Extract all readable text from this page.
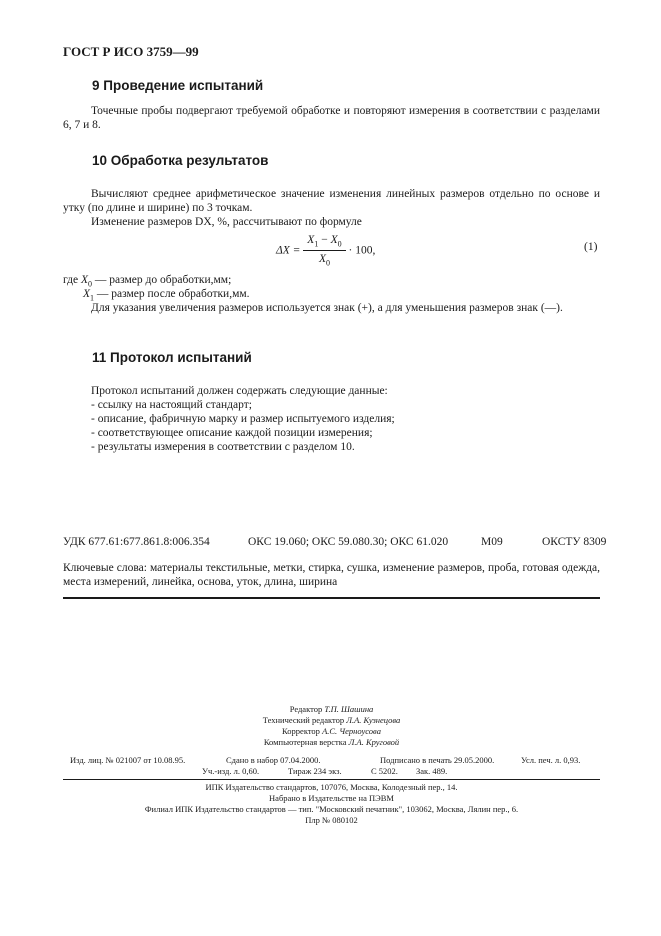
ГОСТ Р ИСО 3759—99
9 Проведение испытаний
Точечные пробы подвергают требуемой обработке и повторяют измерения в соответствии с разделами 6, 7 и 8.
10 Обработка результатов
Вычисляют среднее арифметическое значение изменения линейных размеров отдельно по основе и утку (по длине и ширине) по 3 точкам.
Изменение размеров DX, %, рассчитывают по формуле
$\Delta X = \frac{X_1 - X_0}{X_0} \cdot 100$,	(1)
где $X_0$ — размер до обработки,мм;
$X_1$ — размер после обработки,мм.
Для указания увеличения размеров используется знак (+), а для уменьшения размеров знак (—).
11 Протокол испытаний
Протокол испытаний должен содержать следующие данные:
- ссылку на настоящий стандарт;
- описание, фабричную марку и размер испытуемого изделия;
- соответствующее описание каждой позиции измерения;
- результаты измерения в соответствии с разделом 10.
УДК 677.61:677.861.8:006.354	ОКС 19.060; ОКС 59.080.30; ОКС 61.020	М09	ОКСТУ 8309
Ключевые слова: материалы текстильные, метки, стирка, сушка, изменение размеров, проба, готовая одежда, места измерений, линейка, основа, уток, длина, ширина
Редактор Т.П. Шашина
Технический редактор Л.А. Кузнецова
Корректор А.С. Черноусова
Компьютерная верстка Л.А. Круговой
Изд. лиц. № 021007 от 10.08.95.	Сдано в набор 07.04.2000.	Подписано в печать 29.05.2000.	Усл. печ. л. 0,93.
Уч.-изд. л. 0,60.	Тираж 234 экз.	С 5202. Зак. 489.
ИПК Издательство стандартов, 107076, Москва, Колодезный пер., 14.
Набрано в Издательстве на ПЭВМ
Филиал ИПК Издательство стандартов — тип. "Московский печатник", 103062, Москва, Лялин пер., 6.
Плр № 080102
